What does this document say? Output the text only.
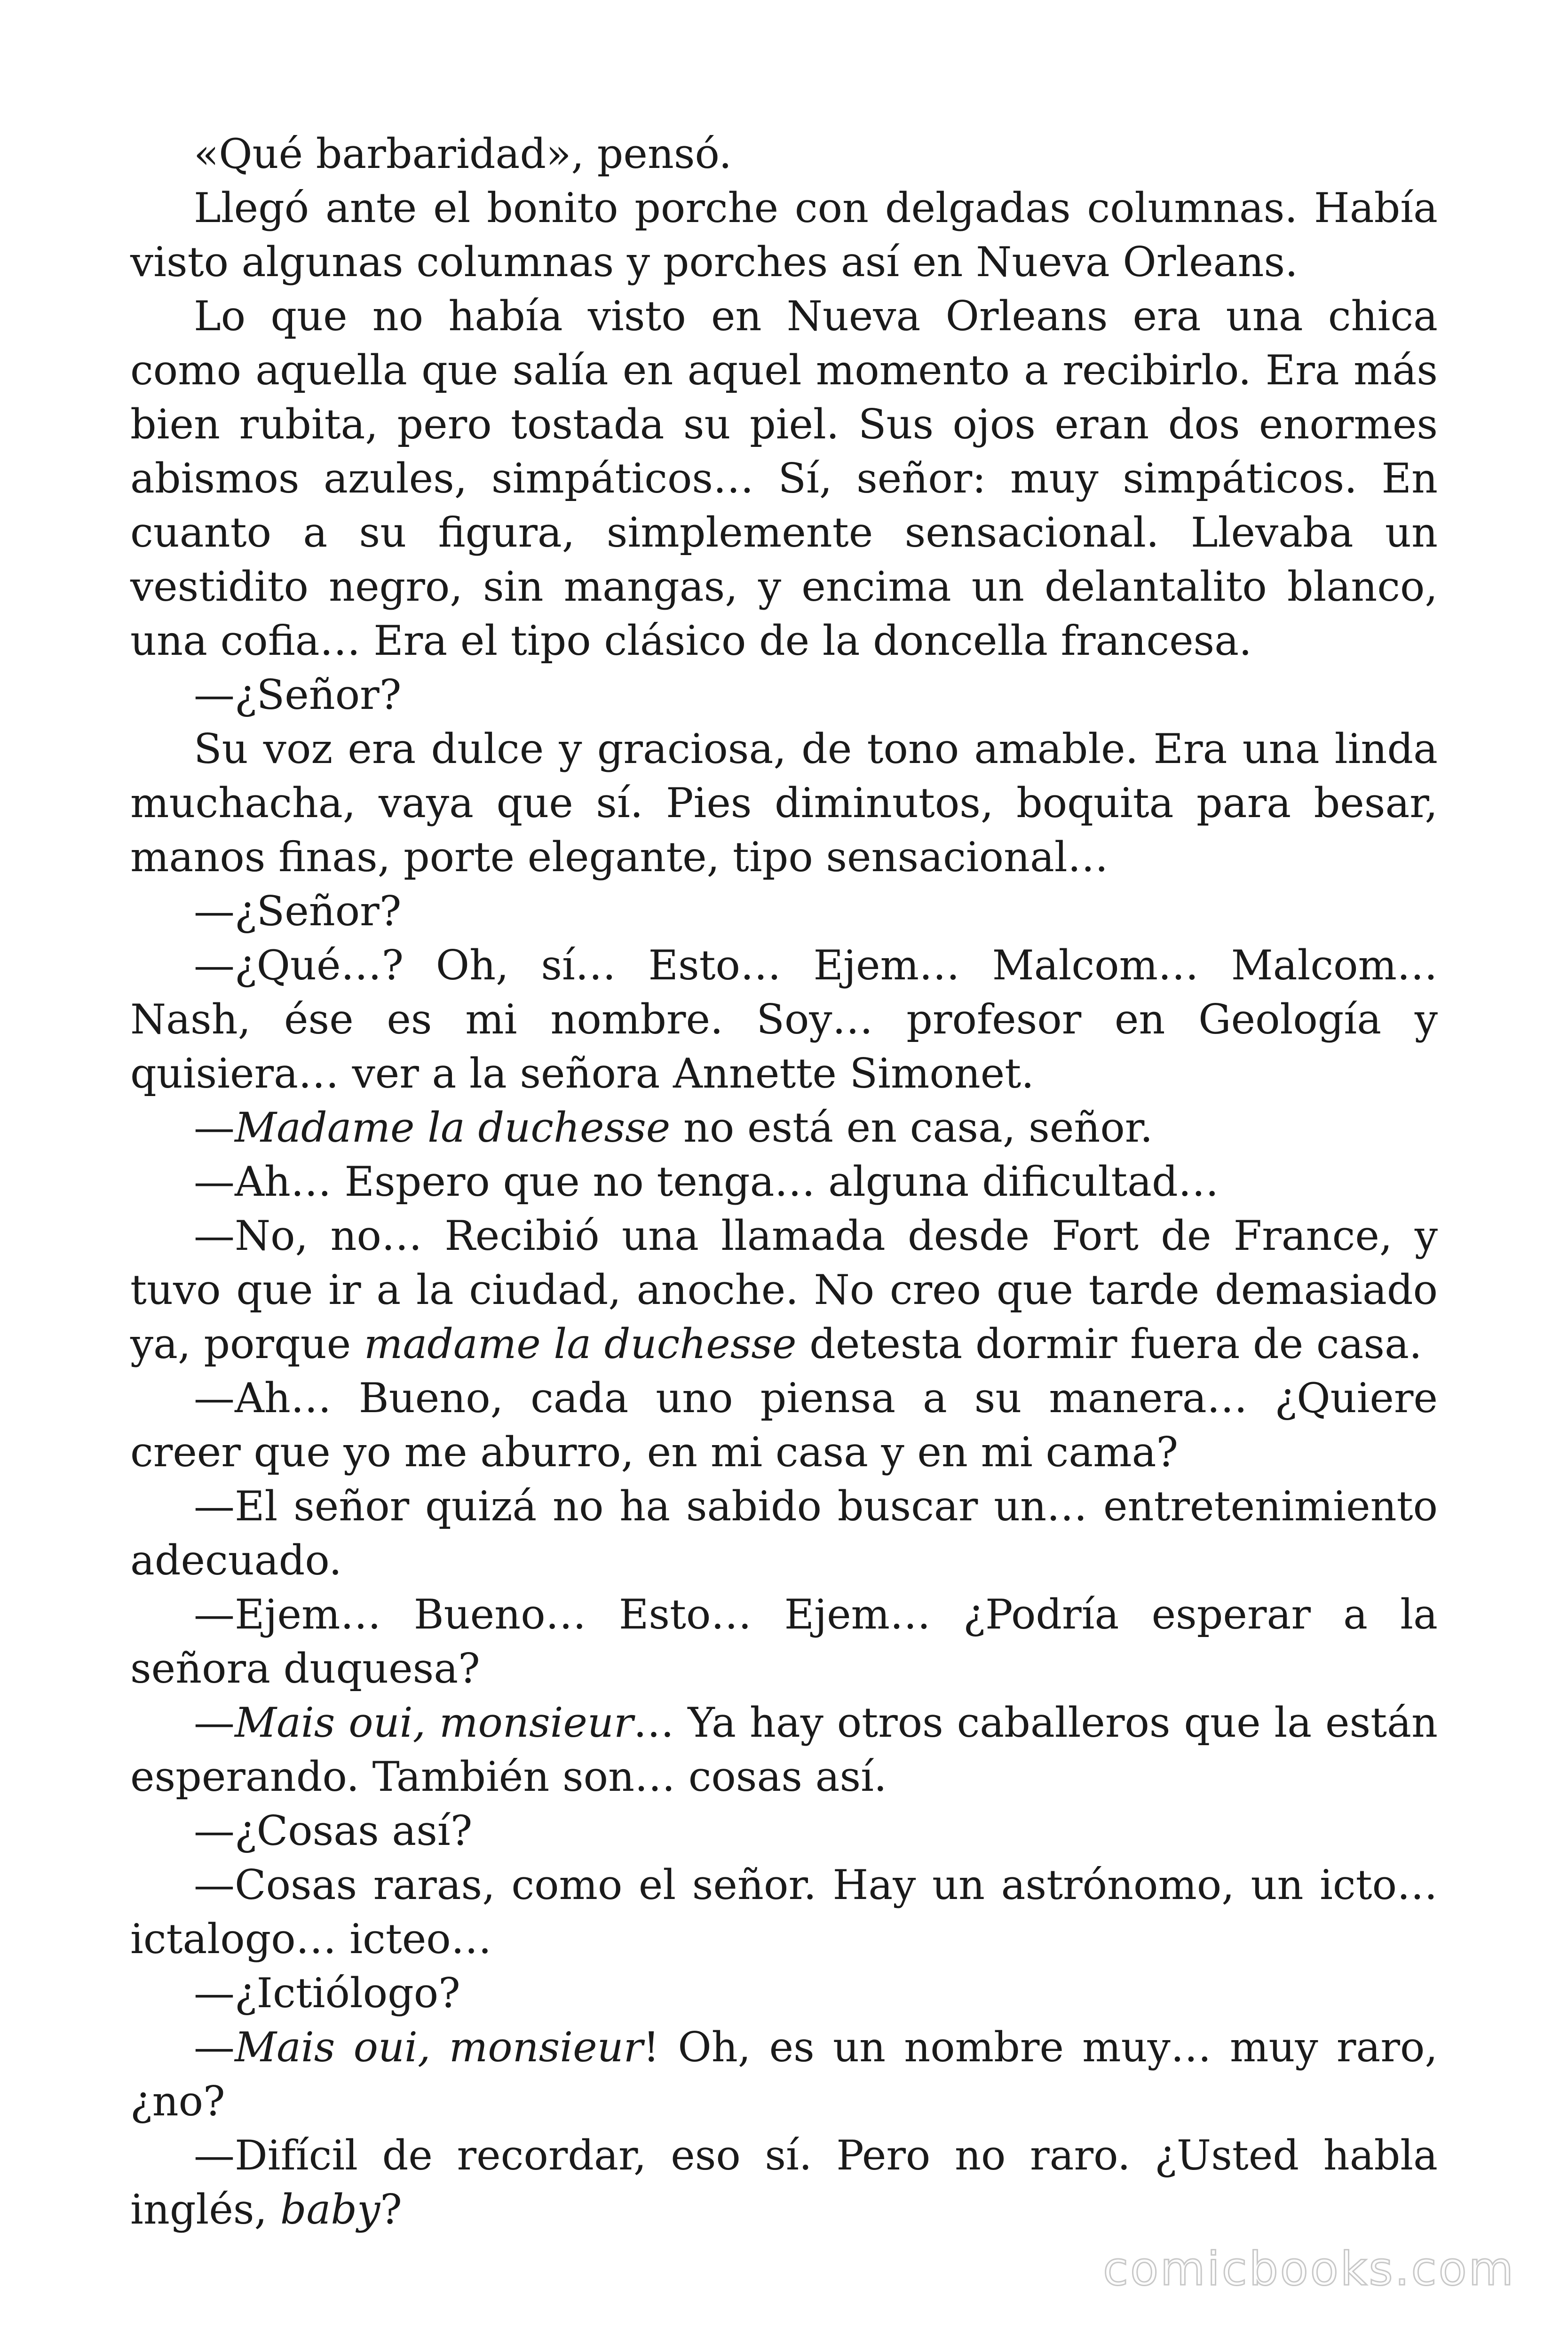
«Qué barbaridad», pensó.

Llegó ante el bonito porche con delgadas columnas. Había visto algunas columnas y porches así en Nueva Orleans.

Lo que no había visto en Nueva Orleans era una chica como aquella que salía en aquel momento a recibirlo. Era más bien rubita, pero tostada su piel. Sus ojos eran dos enormes abismos azules, simpáticos… Sí, señor: muy simpáticos. En cuanto a su figura, simplemente sensacional. Llevaba un vestidito negro, sin mangas, y encima un delantalito blanco, una cofia… Era el tipo clásico de la doncella francesa.

—¿Señor?

Su voz era dulce y graciosa, de tono amable. Era una linda muchacha, vaya que sí. Pies diminutos, boquita para besar, manos finas, porte elegante, tipo sensacional…

—¿Señor?

—¿Qué…? Oh, sí… Esto… Ejem… Malcom… Malcom… Nash, ése es mi nombre. Soy… profesor en Geología y quisiera… ver a la señora Annette Simonet.

—Madame la duchesse no está en casa, señor.

—Ah… Espero que no tenga… alguna dificultad…

—No, no… Recibió una llamada desde Fort de France, y tuvo que ir a la ciudad, anoche. No creo que tarde demasiado ya, porque madame la duchesse detesta dormir fuera de casa.

—Ah… Bueno, cada uno piensa a su manera… ¿Quiere creer que yo me aburro, en mi casa y en mi cama?

—El señor quizá no ha sabido buscar un… entretenimiento adecuado.

—Ejem… Bueno… Esto… Ejem… ¿Podría esperar a la señora duquesa?

—Mais oui, monsieur… Ya hay otros caballeros que la están esperando. También son… cosas así.

—¿Cosas así?

—Cosas raras, como el señor. Hay un astrónomo, un icto… ictalogo… icteo…

—¿Ictiólogo?

—Mais oui, monsieur! Oh, es un nombre muy… muy raro, ¿no?

—Difícil de recordar, eso sí. Pero no raro. ¿Usted habla inglés, baby?

comicbooks.com
